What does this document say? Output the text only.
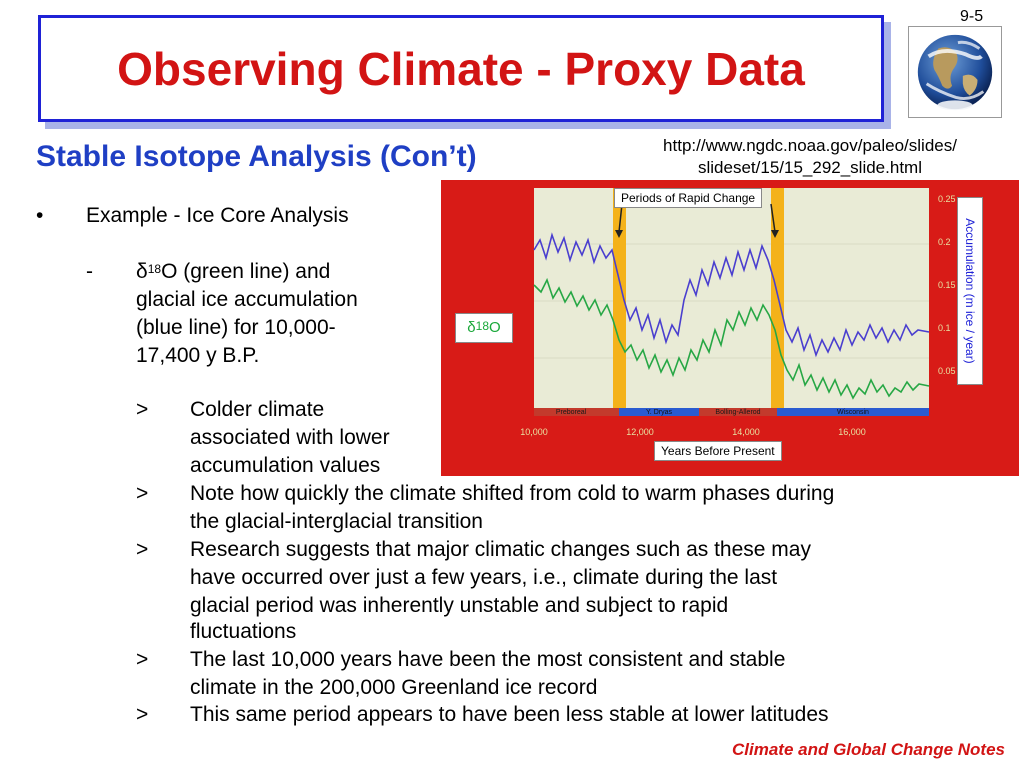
Observing Climate - Proxy Data
9-5
Stable Isotope Analysis (Con’t)	http://www.ngdc.noaa.gov/paleo/slides/
slideset/15/15_292_slide.html
Preboreal	Y. Dryas	Bolling-Allerod	Wisconsin
10,000	12,000	14,000	16,000
0.25
0.2
0.15
0.1
0.05
Periods of Rapid Change
Years Before Present
$\delta^{18}O$	Accumulation (m ice / year)
• Example - Ice Core Analysis
- $\delta^{18}O$ (green line) and
glacial ice accumulation
(blue line) for 10,000-
17,400 y B.P.
> Colder climate
associated with lower
accumulation values
> Note how quickly the climate shifted from cold to warm phases during
the glacial-interglacial transition
> Research suggests that major climatic changes such as these may
have occurred over just a few years, i.e., climate during the last
glacial period was inherently unstable and subject to rapid
fluctuations
> The last 10,000 years have been the most consistent and stable
climate in the 200,000 Greenland ice record
> This same period appears to have been less stable at lower latitudes
Climate and Global Change Notes
